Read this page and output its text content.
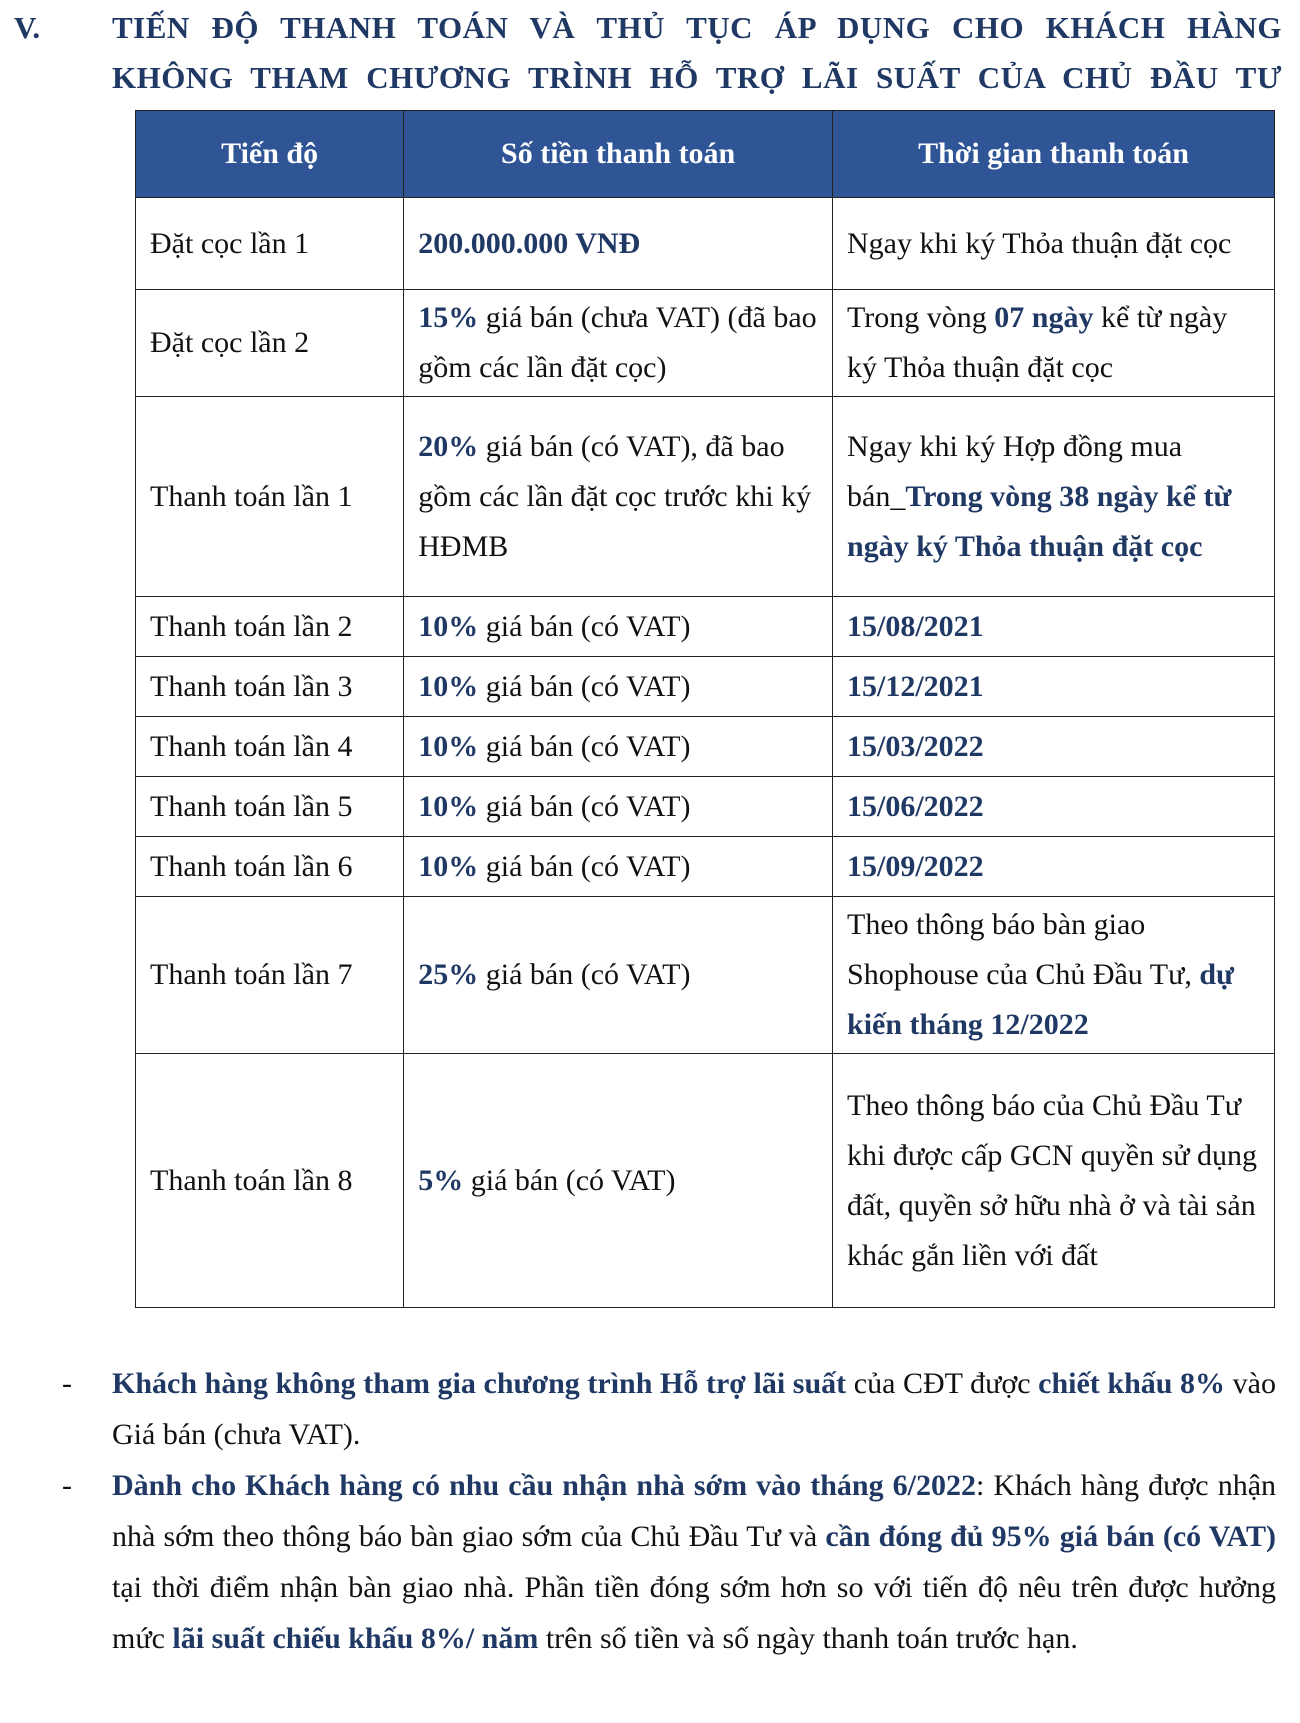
V. TIẾN ĐỘ THANH TOÁN VÀ THỦ TỤC ÁP DỤNG CHO KHÁCH HÀNG
KHÔNG THAM CHƯƠNG TRÌNH HỖ TRỢ LÃI SUẤT CỦA CHỦ ĐẦU TƯ
Tiến độ	Số tiền thanh toán	Thời gian thanh toán
Đặt cọc lần 1	200.000.000 VNĐ	Ngay khi ký Thỏa thuận đặt cọc
Đặt cọc lần 2	15% giá bán (chưa VAT) (đã bao gồm các lần đặt cọc)	Trong vòng 07 ngày kể từ ngày ký Thỏa thuận đặt cọc
Thanh toán lần 1	20% giá bán (có VAT), đã bao gồm các lần đặt cọc trước khi ký HĐMB	Ngay khi ký Hợp đồng mua bán_Trong vòng 38 ngày kể từ ngày ký Thỏa thuận đặt cọc
Thanh toán lần 2	10% giá bán (có VAT)	15/08/2021
Thanh toán lần 3	10% giá bán (có VAT)	15/12/2021
Thanh toán lần 4	10% giá bán (có VAT)	15/03/2022
Thanh toán lần 5	10% giá bán (có VAT)	15/06/2022
Thanh toán lần 6	10% giá bán (có VAT)	15/09/2022
Thanh toán lần 7	25% giá bán (có VAT)	Theo thông báo bàn giao Shophouse của Chủ Đầu Tư, dự kiến tháng 12/2022
Thanh toán lần 8	5% giá bán (có VAT)	Theo thông báo của Chủ Đầu Tư khi được cấp GCN quyền sử dụng đất, quyền sở hữu nhà ở và tài sản khác gắn liền với đất
- Khách hàng không tham gia chương trình Hỗ trợ lãi suất của CĐT được chiết khấu 8% vào Giá bán (chưa VAT).
- Dành cho Khách hàng có nhu cầu nhận nhà sớm vào tháng 6/2022: Khách hàng được nhận nhà sớm theo thông báo bàn giao sớm của Chủ Đầu Tư và cần đóng đủ 95% giá bán (có VAT) tại thời điểm nhận bàn giao nhà. Phần tiền đóng sớm hơn so với tiến độ nêu trên được hưởng mức lãi suất chiếu khấu 8%/ năm trên số tiền và số ngày thanh toán trước hạn.
